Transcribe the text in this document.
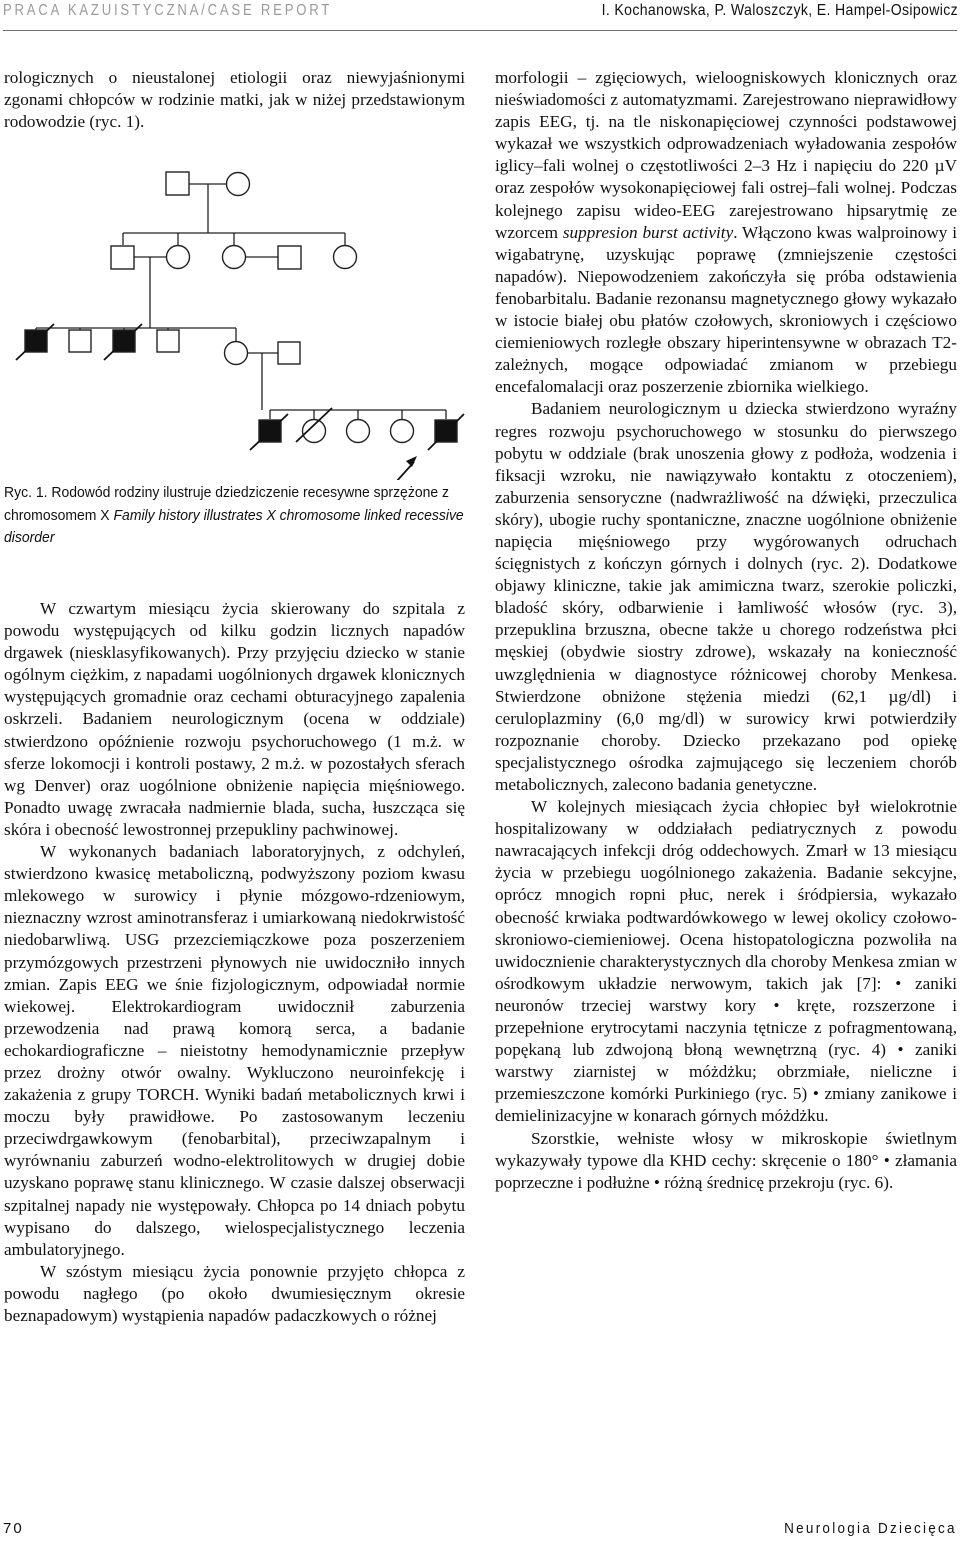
PRACA KAZUISTYCZNA/CASE REPORT	I. Kochanowska, P. Waloszczyk, E. Hampel-Osipowicz

rologicznych o nieustalonej etiologii oraz niewyjaśnionymi zgonami chłopców w rodzinie matki, jak w niżej przedstawionym rodowodzie (ryc. 1).

W czwartym miesiącu życia skierowany do szpitala z powodu występujących od kilku godzin licznych napadów drgawek (niesklasyfikowanych). Przy przyjęciu dziecko w stanie ogólnym ciężkim, z napadami uogólnionych drgawek klonicznych występujących gromadnie oraz cechami obturacyjnego zapalenia oskrzeli. Badaniem neurologicznym (ocena w oddziale) stwierdzono opóźnienie rozwoju psychoruchowego (1 m.ż. w sferze lokomocji i kontroli postawy, 2 m.ż. w pozostałych sferach wg Denver) oraz uogólnione obniżenie napięcia mięśniowego. Ponadto uwagę zwracała nadmiernie blada, sucha, łuszcząca się skóra i obecność lewostronnej przepukliny pachwinowej.

W wykonanych badaniach laboratoryjnych, z odchyleń, stwierdzono kwasicę metaboliczną, podwyższony poziom kwasu mlekowego w surowicy i płynie mózgowo-rdzeniowym, nieznaczny wzrost aminotransferaz i umiarkowaną niedokrwistość niedobarwliwą. USG przezciemiączkowe poza poszerzeniem przymózgowych przestrzeni płynowych nie uwidoczniło innych zmian. Zapis EEG we śnie fizjologicznym, odpowiadał normie wiekowej. Elektrokardiogram uwidocznił zaburzenia przewodzenia nad prawą komorą serca, a badanie echokardiograficzne – nieistotny hemodynamicznie przepływ przez drożny otwór owalny. Wykluczono neuroinfekcję i zakażenia z grupy TORCH. Wyniki badań metabolicznych krwi i moczu były prawidłowe. Po zastosowanym leczeniu przeciwdrgawkowym (fenobarbital), przeciwzapalnym i wyrównaniu zaburzeń wodno-elektrolitowych w drugiej dobie uzyskano poprawę stanu klinicznego. W czasie dalszej obserwacji szpitalnej napady nie występowały. Chłopca po 14 dniach pobytu wypisano do dalszego, wielospecjalistycznego leczenia ambulatoryjnego.

W szóstym miesiącu życia ponownie przyjęto chłopca z powodu nagłego (po około dwumiesięcznym okresie beznapadowym) wystąpienia napadów padaczkowych o różnej

Ryc. 1. Rodowód rodziny ilustruje dziedziczenie recesywne sprzężone z chromosomem X Family history illustrates X chromosome linked recessive disorder

morfologii – zgięciowych, wieloogniskowych klonicznych oraz nieświadomości z automatyzmami. Zarejestrowano nieprawidłowy zapis EEG, tj. na tle niskonapięciowej czynności podstawowej wykazał we wszystkich odprowadzeniach wyładowania zespołów iglicy–fali wolnej o częstotliwości 2–3 Hz i napięciu do 220 µV oraz zespołów wysokonapięciowej fali ostrej–fali wolnej. Podczas kolejnego zapisu wideo-EEG zarejestrowano hipsarytmię ze wzorcem suppresion burst activity. Włączono kwas walproinowy i wigabatrynę, uzyskując poprawę (zmniejszenie częstości napadów). Niepowodzeniem zakończyła się próba odstawienia fenobarbitalu. Badanie rezonansu magnetycznego głowy wykazało w istocie białej obu płatów czołowych, skroniowych i częściowo ciemieniowych rozległe obszary hiperintensywne w obrazach T2-zależnych, mogące odpowiadać zmianom w przebiegu encefalomalacji oraz poszerzenie zbiornika wielkiego.

Badaniem neurologicznym u dziecka stwierdzono wyraźny regres rozwoju psychoruchowego w stosunku do pierwszego pobytu w oddziale (brak unoszenia głowy z podłoża, wodzenia i fiksacji wzroku, nie nawiązywało kontaktu z otoczeniem), zaburzenia sensoryczne (nadwrażliwość na dźwięki, przeczulica skóry), ubogie ruchy spontaniczne, znaczne uogólnione obniżenie napięcia mięśniowego przy wygórowanych odruchach ścięgnistych z kończyn górnych i dolnych (ryc. 2). Dodatkowe objawy kliniczne, takie jak amimiczna twarz, szerokie policzki, bladość skóry, odbarwienie i łamliwość włosów (ryc. 3), przepuklina brzuszna, obecne także u chorego rodzeństwa płci męskiej (obydwie siostry zdrowe), wskazały na konieczność uwzględnienia w diagnostyce różnicowej choroby Menkesa. Stwierdzone obniżone stężenia miedzi (62,1 µg/dl) i ceruloplazminy (6,0 mg/dl) w surowicy krwi potwierdziły rozpoznanie choroby. Dziecko przekazano pod opiekę specjalistycznego ośrodka zajmującego się leczeniem chorób metabolicznych, zalecono badania genetyczne.

W kolejnych miesiącach życia chłopiec był wielokrotnie hospitalizowany w oddziałach pediatrycznych z powodu nawracających infekcji dróg oddechowych. Zmarł w 13 miesiącu życia w przebiegu uogólnionego zakażenia. Badanie sekcyjne, oprócz mnogich ropni płuc, nerek i śródpiersia, wykazało obecność krwiaka podtwardówkowego w lewej okolicy czołowo-skroniowo-ciemieniowej. Ocena histopatologiczna pozwoliła na uwidocznienie charakterystycznych dla choroby Menkesa zmian w ośrodkowym układzie nerwowym, takich jak [7]: • zaniki neuronów trzeciej warstwy kory • kręte, rozszerzone i przepełnione erytrocytami naczynia tętnicze z pofragmentowaną, popękaną lub zdwojoną błoną wewnętrzną (ryc. 4) • zaniki warstwy ziarnistej w móżdżku; obrzmiałe, nieliczne i przemieszczone komórki Purkiniego (ryc. 5) • zmiany zanikowe i demielinizacyjne w konarach górnych móżdżku.

Szorstkie, wełniste włosy w mikroskopie świetlnym wykazywały typowe dla KHD cechy: skręcenie o 180° • złamania poprzeczne i podłużne • różną średnicę przekroju (ryc. 6).

70	Neurologia Dziecięca
